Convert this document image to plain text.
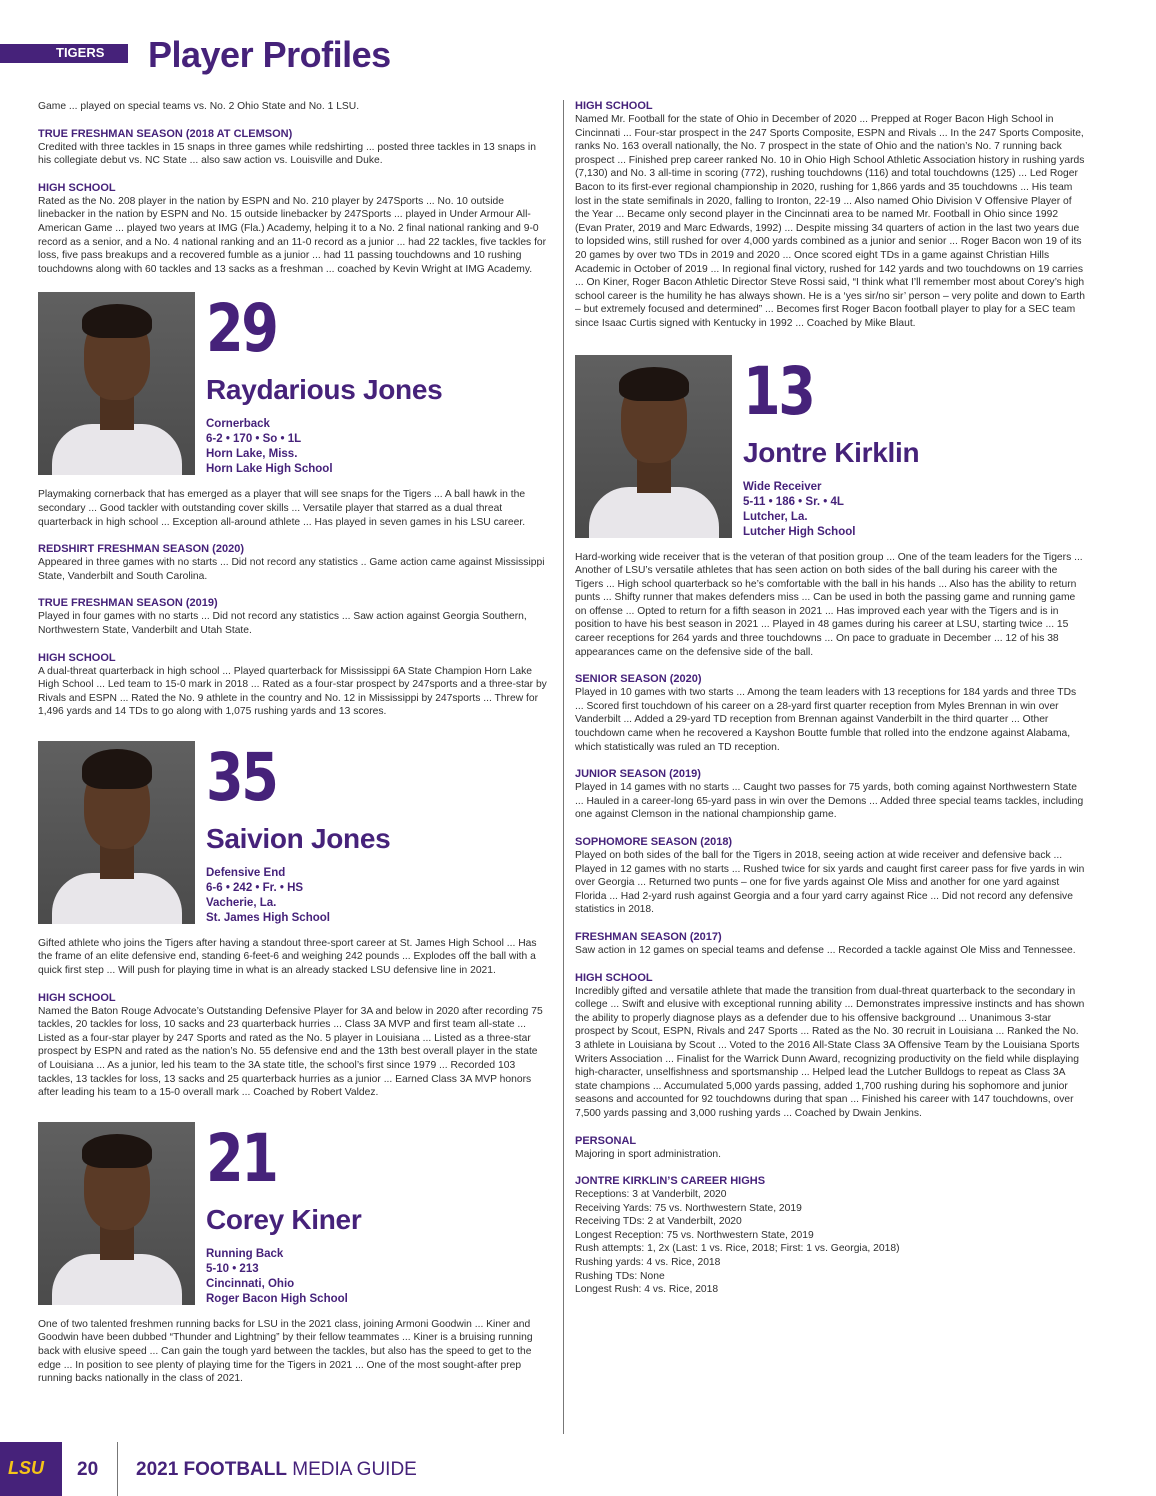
TIGERS Player Profiles

Game ... played on special teams vs. No. 2 Ohio State and No. 1 LSU.

TRUE FRESHMAN SEASON (2018 AT CLEMSON)

Credited with three tackles in 15 snaps in three games while redshirting ... posted three tackles in 13 snaps in his collegiate debut vs. NC State ... also saw action vs. Louisville and Duke.

HIGH SCHOOL

Rated as the No. 208 player in the nation by ESPN and No. 210 player by 247Sports ... No. 10 outside linebacker in the nation by ESPN and No. 15 outside linebacker by 247Sports ... played in Under Armour All-American Game ... played two years at IMG (Fla.) Academy, helping it to a No. 2 final national ranking and 9-0 record as a senior, and a No. 4 national ranking and an 11-0 record as a junior ... had 22 tackles, five tackles for loss, five pass breakups and a recovered fumble as a junior ... had 11 passing touchdowns and 10 rushing touchdowns along with 60 tackles and 13 sacks as a freshman ... coached by Kevin Wright at IMG Academy.

29
Raydarious Jones
Cornerback
6-2 • 170 • So • 1L
Horn Lake, Miss.
Horn Lake High School

Playmaking cornerback that has emerged as a player that will see snaps for the Tigers ... A ball hawk in the secondary ... Good tackler with outstanding cover skills ... Versatile player that starred as a dual threat quarterback in high school ... Exception all-around athlete ... Has played in seven games in his LSU career.

REDSHIRT FRESHMAN SEASON (2020)

Appeared in three games with no starts ... Did not record any statistics .. Game action came against Mississippi State, Vanderbilt and South Carolina.

TRUE FRESHMAN SEASON (2019)

Played in four games with no starts ... Did not record any statistics ... Saw action against Georgia Southern, Northwestern State, Vanderbilt and Utah State.

HIGH SCHOOL

A dual-threat quarterback in high school ... Played quarterback for Mississippi 6A State Champion Horn Lake High School ... Led team to 15-0 mark in 2018 ... Rated as a four-star prospect by 247sports and a three-star by Rivals and ESPN ... Rated the No. 9 athlete in the country and No. 12 in Mississippi by 247sports ... Threw for 1,496 yards and 14 TDs to go along with 1,075 rushing yards and 13 scores.

35
Saivion Jones
Defensive End
6-6 • 242 • Fr. • HS
Vacherie, La.
St. James High School

Gifted athlete who joins the Tigers after having a standout three-sport career at St. James High School ... Has the frame of an elite defensive end, standing 6-feet-6 and weighing 242 pounds ... Explodes off the ball with a quick first step ... Will push for playing time in what is an already stacked LSU defensive line in 2021.

HIGH SCHOOL

Named the Baton Rouge Advocate’s Outstanding Defensive Player for 3A and below in 2020 after recording 75 tackles, 20 tackles for loss, 10 sacks and 23 quarterback hurries ... Class 3A MVP and first team all-state ... Listed as a four-star player by 247 Sports and rated as the No. 5 player in Louisiana ... Listed as a three-star prospect by ESPN and rated as the nation’s No. 55 defensive end and the 13th best overall player in the state of Louisiana ... As a junior, led his team to the 3A state title, the school’s first since 1979 ... Recorded 103 tackles, 13 tackles for loss, 13 sacks and 25 quarterback hurries as a junior ... Earned Class 3A MVP honors after leading his team to a 15-0 overall mark ... Coached by Robert Valdez.

21
Corey Kiner
Running Back
5-10 • 213
Cincinnati, Ohio
Roger Bacon High School

One of two talented freshmen running backs for LSU in the 2021 class, joining Armoni Goodwin ... Kiner and Goodwin have been dubbed “Thunder and Lightning” by their fellow teammates ... Kiner is a bruising running back with elusive speed ... Can gain the tough yard between the tackles, but also has the speed to get to the edge ... In position to see plenty of playing time for the Tigers in 2021 ... One of the most sought-after prep running backs nationally in the class of 2021.

HIGH SCHOOL

Named Mr. Football for the state of Ohio in December of 2020 ... Prepped at Roger Bacon High School in Cincinnati ... Four-star prospect in the 247 Sports Composite, ESPN and Rivals ... In the 247 Sports Composite, ranks No. 163 overall nationally, the No. 7 prospect in the state of Ohio and the nation’s No. 7 running back prospect ... Finished prep career ranked No. 10 in Ohio High School Athletic Association history in rushing yards (7,130) and No. 3 all-time in scoring (772), rushing touchdowns (116) and total touchdowns (125) ... Led Roger Bacon to its first-ever regional championship in 2020, rushing for 1,866 yards and 35 touchdowns ... His team lost in the state semifinals in 2020, falling to Ironton, 22-19 ... Also named Ohio Division V Offensive Player of the Year ... Became only second player in the Cincinnati area to be named Mr. Football in Ohio since 1992 (Evan Prater, 2019 and Marc Edwards, 1992) ... Despite missing 34 quarters of action in the last two years due to lopsided wins, still rushed for over 4,000 yards combined as a junior and senior ... Roger Bacon won 19 of its 20 games by over two TDs in 2019 and 2020 ... Once scored eight TDs in a game against Christian Hills Academic in October of 2019 ... In regional final victory, rushed for 142 yards and two touchdowns on 19 carries ... On Kiner, Roger Bacon Athletic Director Steve Rossi said, “I think what I’ll remember most about Corey’s high school career is the humility he has always shown. He is a ‘yes sir/no sir’ person – very polite and down to Earth – but extremely focused and determined” ... Becomes first Roger Bacon football player to play for a SEC team since Isaac Curtis signed with Kentucky in 1992 ... Coached by Mike Blaut.

13
Jontre Kirklin
Wide Receiver
5-11 • 186 • Sr. • 4L
Lutcher, La.
Lutcher High School

Hard-working wide receiver that is the veteran of that position group ... One of the team leaders for the Tigers ... Another of LSU’s versatile athletes that has seen action on both sides of the ball during his career with the Tigers ... High school quarterback so he’s comfortable with the ball in his hands ... Also has the ability to return punts ... Shifty runner that makes defenders miss ... Can be used in both the passing game and running game on offense ... Opted to return for a fifth season in 2021 ... Has improved each year with the Tigers and is in position to have his best season in 2021 ... Played in 48 games during his career at LSU, starting twice ... 15 career receptions for 264 yards and three touchdowns ... On pace to graduate in December ... 12 of his 38 appearances came on the defensive side of the ball.

SENIOR SEASON (2020)

Played in 10 games with two starts ... Among the team leaders with 13 receptions for 184 yards and three TDs ... Scored first touchdown of his career on a 28-yard first quarter reception from Myles Brennan in win over Vanderbilt ... Added a 29-yard TD reception from Brennan against Vanderbilt in the third quarter ... Other touchdown came when he recovered a Kayshon Boutte fumble that rolled into the endzone against Alabama, which statistically was ruled an TD reception.

JUNIOR SEASON (2019)

Played in 14 games with no starts ... Caught two passes for 75 yards, both coming against Northwestern State ... Hauled in a career-long 65-yard pass in win over the Demons ... Added three special teams tackles, including one against Clemson in the national championship game.

SOPHOMORE SEASON (2018)

Played on both sides of the ball for the Tigers in 2018, seeing action at wide receiver and defensive back ... Played in 12 games with no starts ... Rushed twice for six yards and caught first career pass for five yards in win over Georgia ... Returned two punts – one for five yards against Ole Miss and another for one yard against Florida ... Had 2-yard rush against Georgia and a four yard carry against Rice ... Did not record any defensive statistics in 2018.

FRESHMAN SEASON (2017)

Saw action in 12 games on special teams and defense ... Recorded a tackle against Ole Miss and Tennessee.

HIGH SCHOOL

Incredibly gifted and versatile athlete that made the transition from dual-threat quarterback to the secondary in college ... Swift and elusive with exceptional running ability ... Demonstrates impressive instincts and has shown the ability to properly diagnose plays as a defender due to his offensive background ... Unanimous 3-star prospect by Scout, ESPN, Rivals and 247 Sports ... Rated as the No. 30 recruit in Louisiana ... Ranked the No. 3 athlete in Louisiana by Scout ... Voted to the 2016 All-State Class 3A Offensive Team by the Louisiana Sports Writers Association ... Finalist for the Warrick Dunn Award, recognizing productivity on the field while displaying high-character, unselfishness and sportsmanship ... Helped lead the Lutcher Bulldogs to repeat as Class 3A state champions ... Accumulated 5,000 yards passing, added 1,700 rushing during his sophomore and junior seasons and accounted for 92 touchdowns during that span ... Finished his career with 147 touchdowns, over 7,500 yards passing and 3,000 rushing yards ... Coached by Dwain Jenkins.

PERSONAL

Majoring in sport administration.

JONTRE KIRKLIN’S CAREER HIGHS

Receptions: 3 at Vanderbilt, 2020

Receiving Yards: 75 vs. Northwestern State, 2019

Receiving TDs: 2 at Vanderbilt, 2020

Longest Reception: 75 vs. Northwestern State, 2019

Rush attempts: 1, 2x (Last: 1 vs. Rice, 2018; First: 1 vs. Georgia, 2018)

Rushing yards: 4 vs. Rice, 2018

Rushing TDs: None

Longest Rush: 4 vs. Rice, 2018

LSU 20 2021 FOOTBALL MEDIA GUIDE
